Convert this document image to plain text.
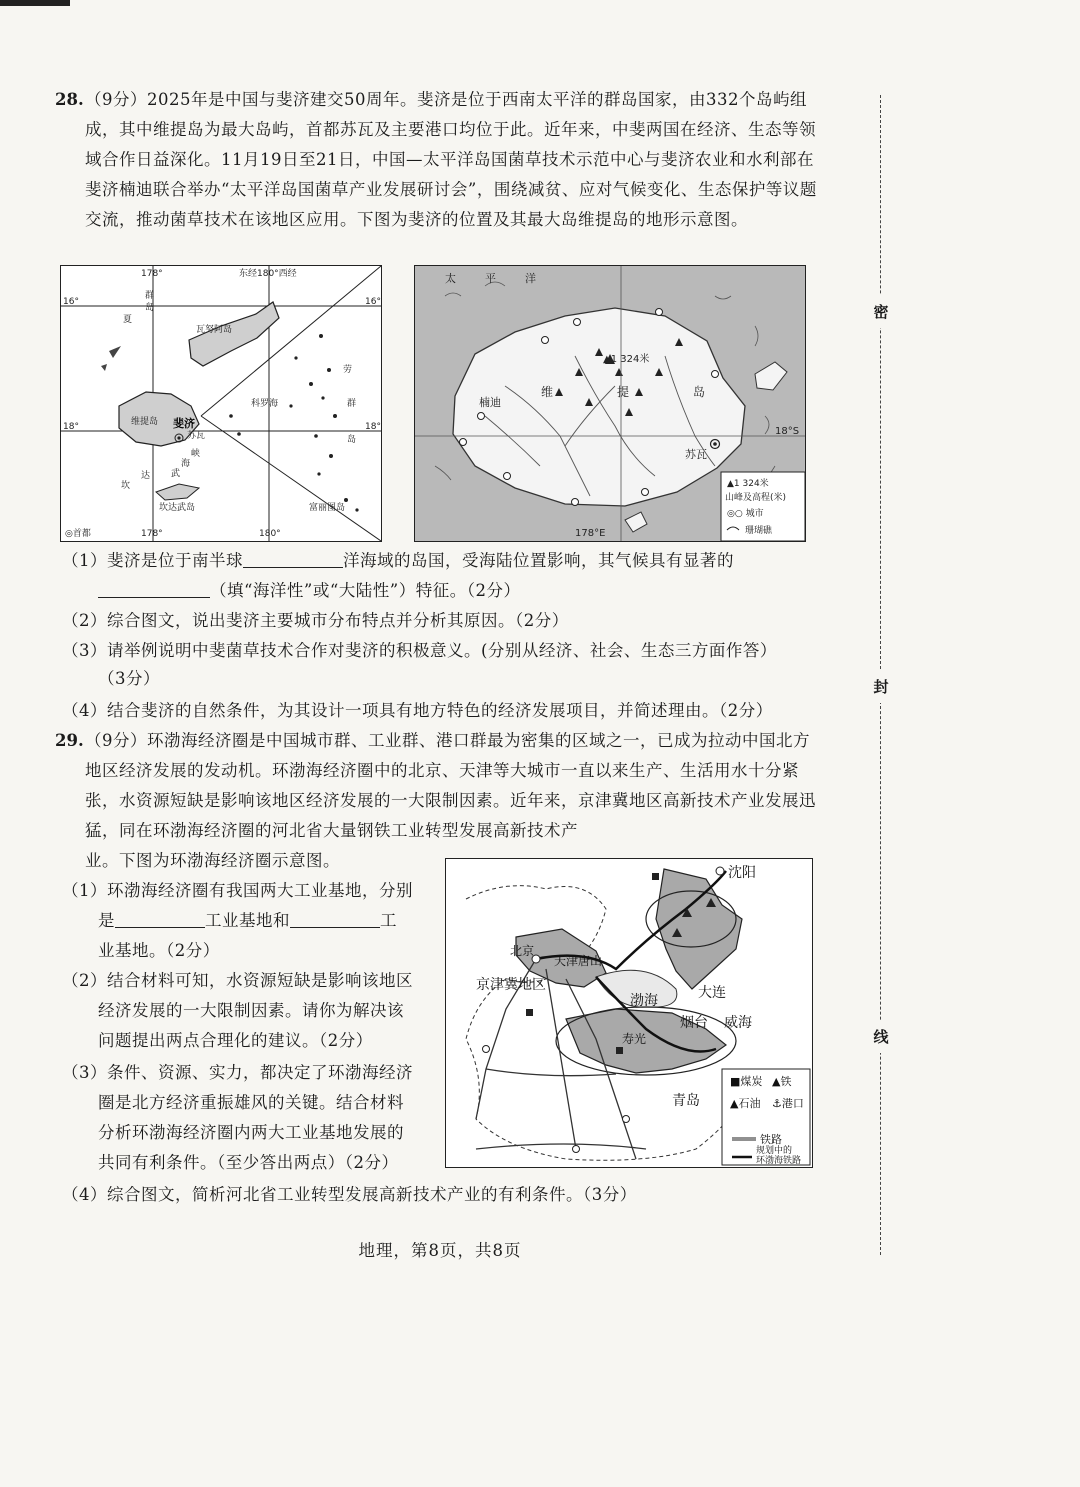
28. （9分）2025年是中国与斐济建交50周年。斐济是位于西南太平洋的群岛国家，由332个岛屿组成，其中维提岛为最大岛屿，首都苏瓦及主要港口均位于此。近年来，中斐两国在经济、生态等领域合作日益深化。11月19日至21日，中国—太平洋岛国菌草技术示范中心与斐济农业和水利部在斐济楠迪联合举办“太平洋岛国菌草产业发展研讨会”，围绕减贫、应对气候变化、生态保护等议题交流，推动菌草技术在该地区应用。下图为斐济的位置及其最大岛维提岛的地形示意图。

178°	东经180°西经
16°	16°
18°	18°
178°	180°
瓦努阿岛
维提岛
苏瓦
科罗海
坎达武岛	富丽图岛
◎首都
夏
群
岛
武
海
峡
坎
达
劳
群
岛
斐济
太	平	洋
▲1 324米
楠迪
维	提	岛
苏瓦
18°S
178°E
▲1 324米
山峰及高程(米)
◎○ 城市
珊瑚礁
（1）斐济是位于南半球	洋海域的岛国，受海陆位置影响，其气候具有显著的
（填“海洋性”或“大陆性”）特征。（2分）
（2）综合图文，说出斐济主要城市分布特点并分析其原因。（2分）
（3）请举例说明中斐菌草技术合作对斐济的积极意义。(分别从经济、社会、生态三方面作答）
（3分）
（4）结合斐济的自然条件，为其设计一项具有地方特色的经济发展项目，并简述理由。（2分）
29. （9分）环渤海经济圈是中国城市群、工业群、港口群最为密集的区域之一，已成为拉动中国北方地区经济发展的发动机。环渤海经济圈中的北京、天津等大城市一直以来生产、生活用水十分紧张，水资源短缺是影响该地区经济发展的一大限制因素。近年来，京津冀地区高新技术产业发展迅猛，同在环渤海经济圈的河北省大量钢铁工业转型发展高新技术产

业。下图为环渤海经济圈示意图。
（1）环渤海经济圈有我国两大工业基地，分别
是	工业基地和	工
业基地。（2分）
（2）结合材料可知，水资源短缺是影响该地区
经济发展的一大限制因素。请你为解决该
问题提出两点合理化的建议。（2分）
（3）条件、资源、实力，都决定了环渤海经济
圈是北方经济重振雄风的关键。结合材料
分析环渤海经济圈内两大工业基地发展的
共同有利条件。（至少答出两点）（2分）
（4）综合图文，简析河北省工业转型发展高新技术产业的有利条件。（3分）
沈阳
北京
天津唐山
京津冀地区
渤海	大连
烟台 威海
寿光
青岛
■煤炭 ▲铁
▲石油 ⚓港口
铁路
规划中的
环渤海铁路
密
封
线
地理，第8页，共8页
